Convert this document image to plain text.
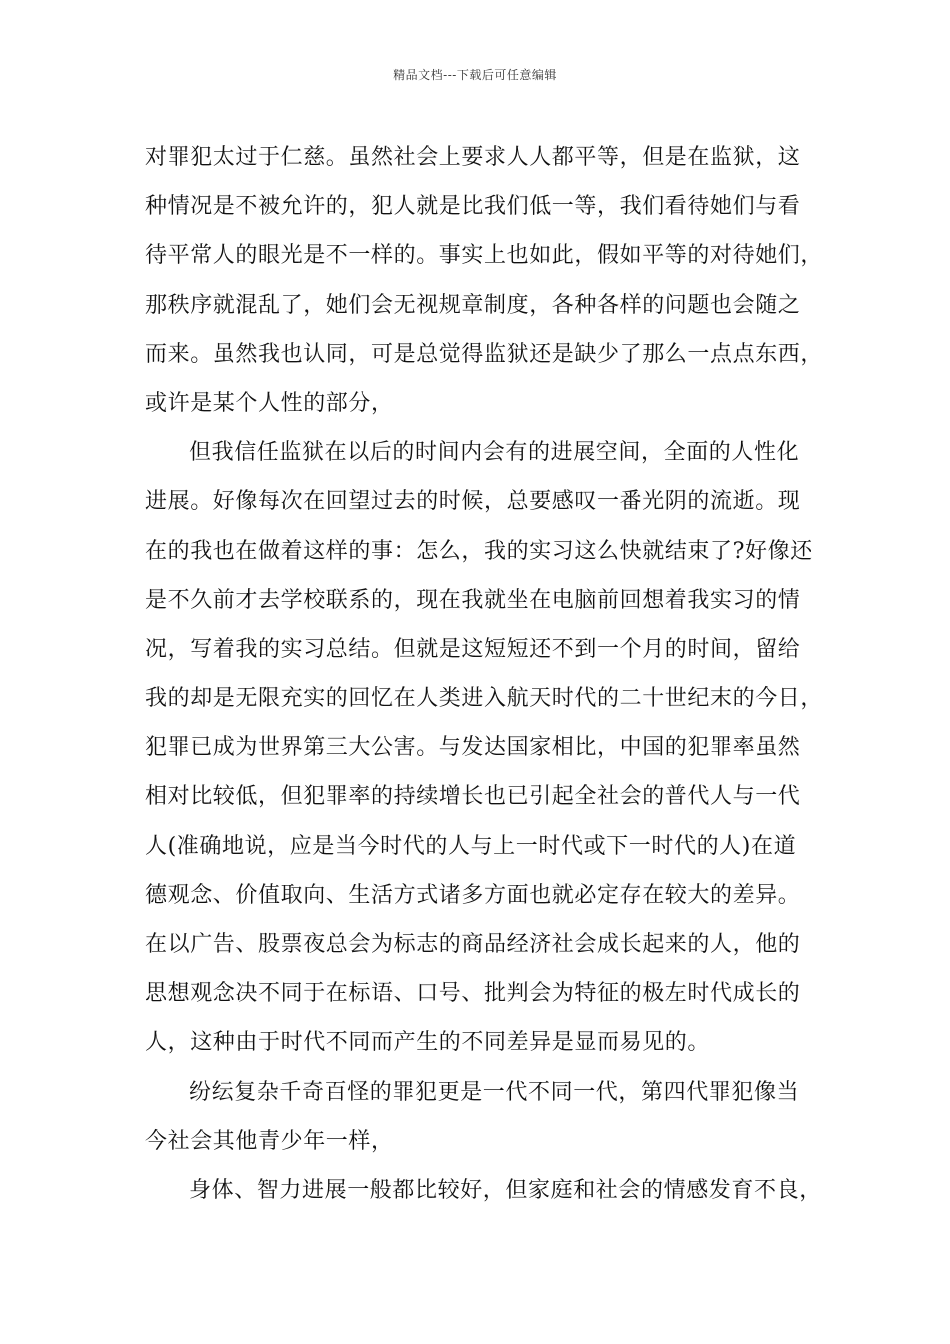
精品文档---下载后可任意编辑
对罪犯太过于仁慈。虽然社会上要求人人都平等，但是在监狱，这
种情况是不被允许的，犯人就是比我们低一等，我们看待她们与看
待平常人的眼光是不一样的。事实上也如此，假如平等的对待她们，
那秩序就混乱了，她们会无视规章制度，各种各样的问题也会随之
而来。虽然我也认同，可是总觉得监狱还是缺少了那么一点点东西，
或许是某个人性的部分，
但我信任监狱在以后的时间内会有的进展空间，全面的人性化
进展。好像每次在回望过去的时候，总要感叹一番光阴的流逝。现
在的我也在做着这样的事：怎么，我的实习这么快就结束了?好像还
是不久前才去学校联系的，现在我就坐在电脑前回想着我实习的情
况，写着我的实习总结。但就是这短短还不到一个月的时间，留给
我的却是无限充实的回忆在人类进入航天时代的二十世纪末的今日，
犯罪已成为世界第三大公害。与发达国家相比，中国的犯罪率虽然
相对比较低，但犯罪率的持续增长也已引起全社会的普代人与一代
人(准确地说，应是当今时代的人与上一时代或下一时代的人)在道
德观念、价值取向、生活方式诸多方面也就必定存在较大的差异。
在以广告、股票夜总会为标志的商品经济社会成长起来的人，他的
思想观念决不同于在标语、口号、批判会为特征的极左时代成长的
人，这种由于时代不同而产生的不同差异是显而易见的。
纷纭复杂千奇百怪的罪犯更是一代不同一代，第四代罪犯像当
今社会其他青少年一样，
身体、智力进展一般都比较好，但家庭和社会的情感发育不良，
